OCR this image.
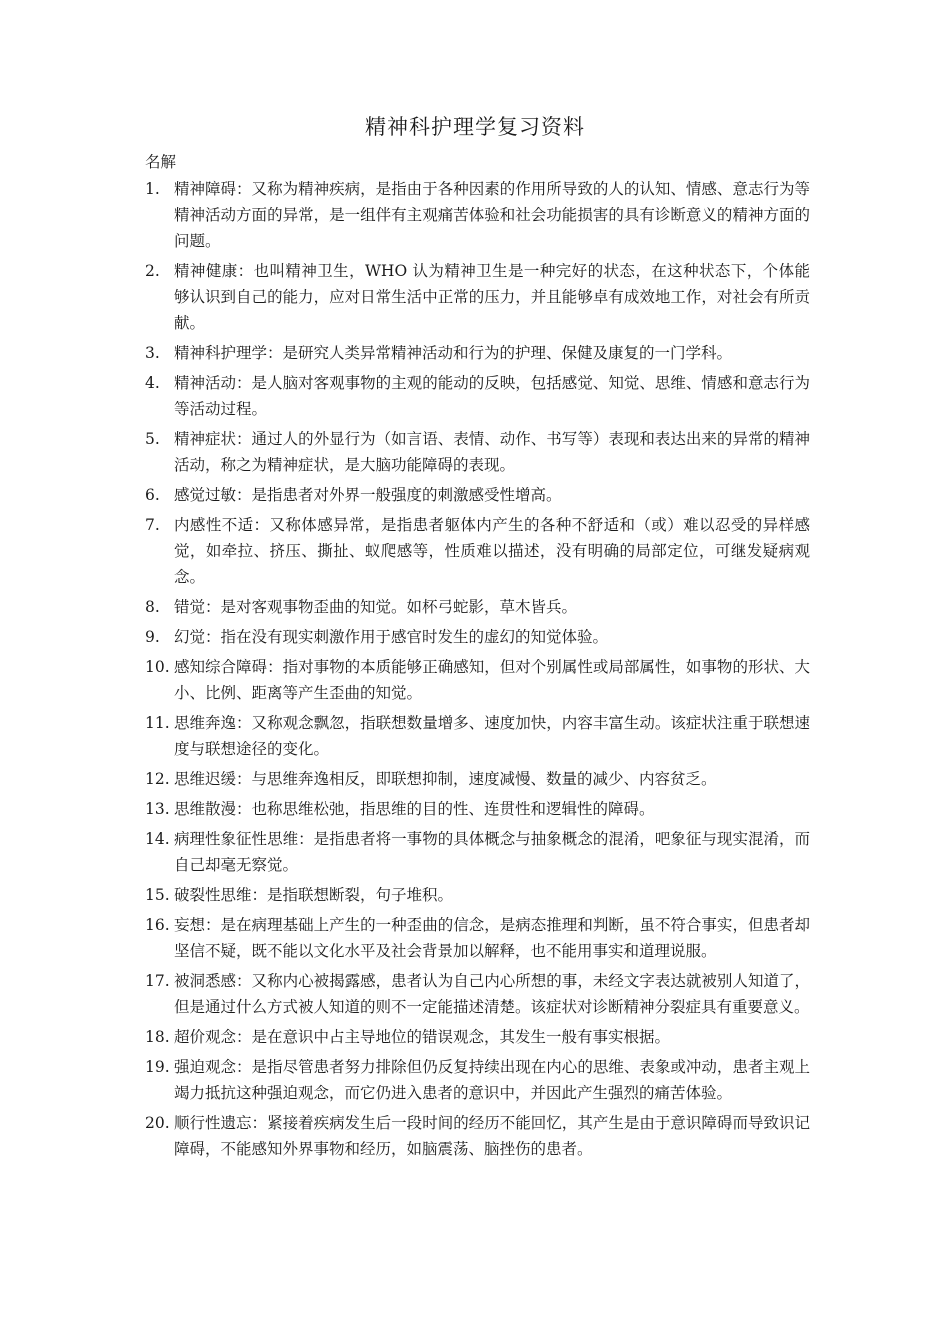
精神科护理学复习资料
名解
1. 精神障碍：又称为精神疾病，是指由于各种因素的作用所导致的人的认知、情感、意志行为等精神活动方面的异常，是一组伴有主观痛苦体验和社会功能损害的具有诊断意义的精神方面的问题。
2. 精神健康：也叫精神卫生，WHO 认为精神卫生是一种完好的状态，在这种状态下，个体能够认识到自己的能力，应对日常生活中正常的压力，并且能够卓有成效地工作，对社会有所贡献。
3. 精神科护理学：是研究人类异常精神活动和行为的护理、保健及康复的一门学科。
4. 精神活动：是人脑对客观事物的主观的能动的反映，包括感觉、知觉、思维、情感和意志行为等活动过程。
5. 精神症状：通过人的外显行为（如言语、表情、动作、书写等）表现和表达出来的异常的精神活动，称之为精神症状，是大脑功能障碍的表现。
6. 感觉过敏：是指患者对外界一般强度的刺激感受性增高。
7. 内感性不适：又称体感异常，是指患者躯体内产生的各种不舒适和（或）难以忍受的异样感觉，如牵拉、挤压、撕扯、蚁爬感等，性质难以描述，没有明确的局部定位，可继发疑病观念。
8. 错觉：是对客观事物歪曲的知觉。如杯弓蛇影，草木皆兵。
9. 幻觉：指在没有现实刺激作用于感官时发生的虚幻的知觉体验。
10. 感知综合障碍：指对事物的本质能够正确感知，但对个别属性或局部属性，如事物的形状、大小、比例、距离等产生歪曲的知觉。
11. 思维奔逸：又称观念飘忽，指联想数量增多、速度加快，内容丰富生动。该症状注重于联想速度与联想途径的变化。
12. 思维迟缓：与思维奔逸相反，即联想抑制，速度减慢、数量的减少、内容贫乏。
13. 思维散漫：也称思维松弛，指思维的目的性、连贯性和逻辑性的障碍。
14. 病理性象征性思维：是指患者将一事物的具体概念与抽象概念的混淆，吧象征与现实混淆，而自己却毫无察觉。
15. 破裂性思维：是指联想断裂，句子堆积。
16. 妄想：是在病理基础上产生的一种歪曲的信念，是病态推理和判断，虽不符合事实，但患者却坚信不疑，既不能以文化水平及社会背景加以解释，也不能用事实和道理说服。
17. 被洞悉感：又称内心被揭露感，患者认为自己内心所想的事，未经文字表达就被别人知道了，但是通过什么方式被人知道的则不一定能描述清楚。该症状对诊断精神分裂症具有重要意义。
18. 超价观念：是在意识中占主导地位的错误观念，其发生一般有事实根据。
19. 强迫观念：是指尽管患者努力排除但仍反复持续出现在内心的思维、表象或冲动，患者主观上竭力抵抗这种强迫观念，而它仍进入患者的意识中，并因此产生强烈的痛苦体验。
20. 顺行性遗忘：紧接着疾病发生后一段时间的经历不能回忆，其产生是由于意识障碍而导致识记障碍，不能感知外界事物和经历，如脑震荡、脑挫伤的患者。
